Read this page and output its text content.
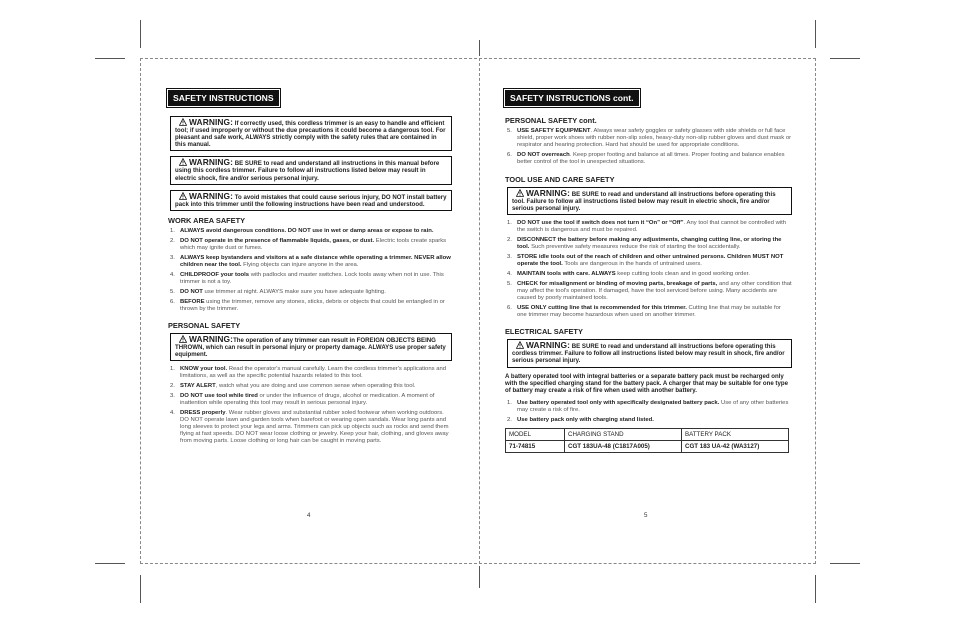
SAFETY INSTRUCTIONS
WARNING: If correctly used, this cordless trimmer is an easy to handle and efficient tool; if used improperly or without the due precautions it could become a dangerous tool. For pleasant and safe work, ALWAYS strictly comply with the safety rules that are contained in this manual.
WARNING: BE SURE to read and understand all instructions in this manual before using this cordless trimmer. Failure to follow all instructions listed below may result in electric shock, fire and/or serious personal injury.
WARNING: To avoid mistakes that could cause serious injury, DO NOT install battery pack into this trimmer until the following instructions have been read and understood.
WORK AREA SAFETY
1. ALWAYS avoid dangerous conditions. DO NOT use in wet or damp areas or expose to rain.
2. DO NOT operate in the presence of flammable liquids, gases, or dust. Electric tools create sparks which may ignite dust or fumes.
3. ALWAYS keep bystanders and visitors at a safe distance while operating a trimmer. NEVER allow children near the tool. Flying objects can injure anyone in the area.
4. CHILDPROOF your tools with padlocks and master switches. Lock tools away when not in use. This trimmer is not a toy.
5. DO NOT use trimmer at night. ALWAYS make sure you have adequate lighting.
6. BEFORE using the trimmer, remove any stones, sticks, debris or objects that could be entangled in or thrown by the trimmer.
PERSONAL SAFETY
WARNING:The operation of any trimmer can result in FOREIGN OBJECTS BEING THROWN, which can result in personal injury or property damage. ALWAYS use proper safety equipment.
1. KNOW your tool. Read the operator's manual carefully. Learn the cordless trimmer's applications and limitations, as well as the specific potential hazards related to this tool.
2. STAY ALERT, watch what you are doing and use common sense when operating this tool.
3. DO NOT use tool while tired or under the influence of drugs, alcohol or medication. A moment of inattention while operating this tool may result in serious personal injury.
4. DRESS properly. Wear rubber gloves and substantial rubber soled footwear when working outdoors. DO NOT operate lawn and garden tools when barefoot or wearing open sandals. Wear long pants and long sleeves to protect your legs and arms. Trimmers can pick up objects such as rocks and send them flying at fast speeds. DO NOT wear loose clothing or jewelry. Keep your hair, clothing, and gloves away from moving parts. Loose clothing or long hair can be caught in moving parts.
4
SAFETY INSTRUCTIONS cont.
PERSONAL SAFETY cont.
5. USE SAFETY EQUIPMENT. Always wear safety goggles or safety glasses with side shields or full face shield, proper work shoes with rubber non-slip soles, heavy-duty non-slip rubber gloves and dust mask or respirator and hearing protection. Hard hat should be used for appropriate conditions.
6. DO NOT overreach. Keep proper footing and balance at all times. Proper footing and balance enables better control of the tool in unexpected situations.
TOOL USE AND CARE SAFETY
WARNING: BE SURE to read and understand all instructions before operating this tool. Failure to follow all instructions listed below may result in electric shock, fire and/or serious personal injury.
1. DO NOT use the tool if switch does not turn it “On” or “Off”. Any tool that cannot be controlled with the switch is dangerous and must be repaired.
2. DISCONNECT the battery before making any adjustments, changing cutting line, or storing the tool. Such preventive safety measures reduce the risk of starting the tool accidentally.
3. STORE idle tools out of the reach of children and other untrained persons. Children MUST NOT operate the tool. Tools are dangerous in the hands of untrained users.
4. MAINTAIN tools with care. ALWAYS keep cutting tools clean and in good working order.
5. CHECK for misalignment or binding of moving parts, breakage of parts, and any other condition that may affect the tool's operation. If damaged, have the tool serviced before using. Many accidents are caused by poorly maintained tools.
6. USE ONLY cutting line that is recommended for this trimmer. Cutting line that may be suitable for one trimmer may become hazardous when used on another trimmer.
ELECTRICAL SAFETY
WARNING: BE SURE to read and understand all instructions before operating this cordless trimmer. Failure to follow all instructions listed below may result in shock, fire and/or serious personal injury.
A battery operated tool with integral batteries or a separate battery pack must be recharged only with the specified charging stand for the battery pack. A charger that may be suitable for one type of battery may create a risk of fire when used with another battery.
1. Use battery operated tool only with specifically designated battery pack. Use of any other batteries may create a risk of fire.
2. Use battery pack only with charging stand listed.
MODEL	CHARGING STAND	BATTERY PACK
71-74815	CGT 183UA-48 (C1817A005)	CGT 183 UA-42 (WA3127)
5
